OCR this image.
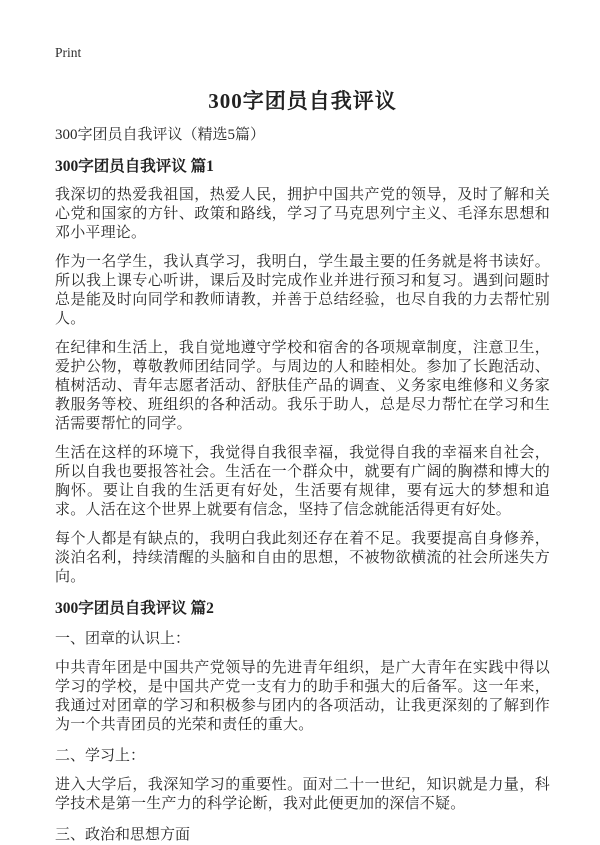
Print
300字团员自我评议

300字团员自我评议（精选5篇）

300字团员自我评议 篇1

我深切的热爱我祖国，热爱人民，拥护中国共产党的领导，及时了解和关心党和国家的方针、政策和路线，学习了马克思列宁主义、毛泽东思想和邓小平理论。

作为一名学生，我认真学习，我明白，学生最主要的任务就是将书读好。所以我上课专心听讲，课后及时完成作业并进行预习和复习。遇到问题时总是能及时向同学和教师请教，并善于总结经验，也尽自我的力去帮忙别人。

在纪律和生活上，我自觉地遵守学校和宿舍的各项规章制度，注意卫生，爱护公物，尊敬教师团结同学。与周边的人和睦相处。参加了长跑活动、植树活动、青年志愿者活动、舒肤佳产品的调查、义务家电维修和义务家教服务等校、班组织的各种活动。我乐于助人，总是尽力帮忙在学习和生活需要帮忙的同学。

生活在这样的环境下，我觉得自我很幸福，我觉得自我的幸福来自社会，所以自我也要报答社会。生活在一个群众中，就要有广阔的胸襟和博大的胸怀。要让自我的生活更有好处，生活要有规律，要有远大的梦想和追求。人活在这个世界上就要有信念，坚持了信念就能活得更有好处。

每个人都是有缺点的，我明白我此刻还存在着不足。我要提高自身修养，淡泊名利，持续清醒的头脑和自由的思想，不被物欲横流的社会所迷失方向。

300字团员自我评议 篇2

一、团章的认识上：

中共青年团是中国共产党领导的先进青年组织，是广大青年在实践中得以学习的学校，是中国共产党一支有力的助手和强大的后备军。这一年来，我通过对团章的学习和积极参与团内的各项活动，让我更深刻的了解到作为一个共青团员的光荣和责任的重大。

二、学习上：

进入大学后，我深知学习的重要性。面对二十一世纪，知识就是力量，科学技术是第一生产力的科学论断，我对此便更加的深信不疑。

三、政治和思想方面
